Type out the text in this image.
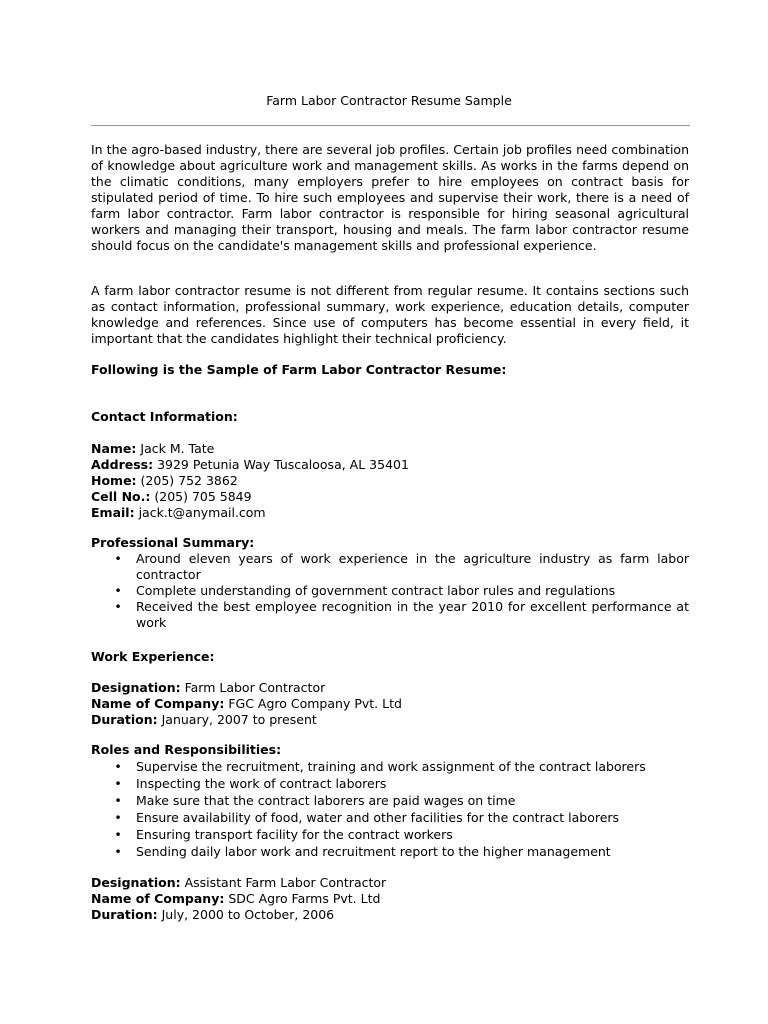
Farm Labor Contractor Resume Sample

In the agro-based industry, there are several job profiles. Certain job profiles need combination of knowledge about agriculture work and management skills. As works in the farms depend on the climatic conditions, many employers prefer to hire employees on contract basis for stipulated period of time. To hire such employees and supervise their work, there is a need of farm labor contractor. Farm labor contractor is responsible for hiring seasonal agricultural workers and managing their transport, housing and meals. The farm labor contractor resume should focus on the candidate's management skills and professional experience.

A farm labor contractor resume is not different from regular resume. It contains sections such as contact information, professional summary, work experience, education details, computer knowledge and references. Since use of computers has become essential in every field, it important that the candidates highlight their technical proficiency.

Following is the Sample of Farm Labor Contractor Resume:

Contact Information:

Name: Jack M. Tate

Address: 3929 Petunia Way Tuscaloosa, AL 35401

Home: (205) 752 3862

Cell No.: (205) 705 5849

Email: jack.t@anymail.com

Professional Summary:

• Around eleven years of work experience in the agriculture industry as farm labor contractor
• Complete understanding of government contract labor rules and regulations
• Received the best employee recognition in the year 2010 for excellent performance at work

Work Experience:

Designation: Farm Labor Contractor

Name of Company: FGC Agro Company Pvt. Ltd

Duration: January, 2007 to present

Roles and Responsibilities:

• Supervise the recruitment, training and work assignment of the contract laborers
• Inspecting the work of contract laborers
• Make sure that the contract laborers are paid wages on time
• Ensure availability of food, water and other facilities for the contract laborers
• Ensuring transport facility for the contract workers
• Sending daily labor work and recruitment report to the higher management

Designation: Assistant Farm Labor Contractor

Name of Company: SDC Agro Farms Pvt. Ltd

Duration: July, 2000 to October, 2006
